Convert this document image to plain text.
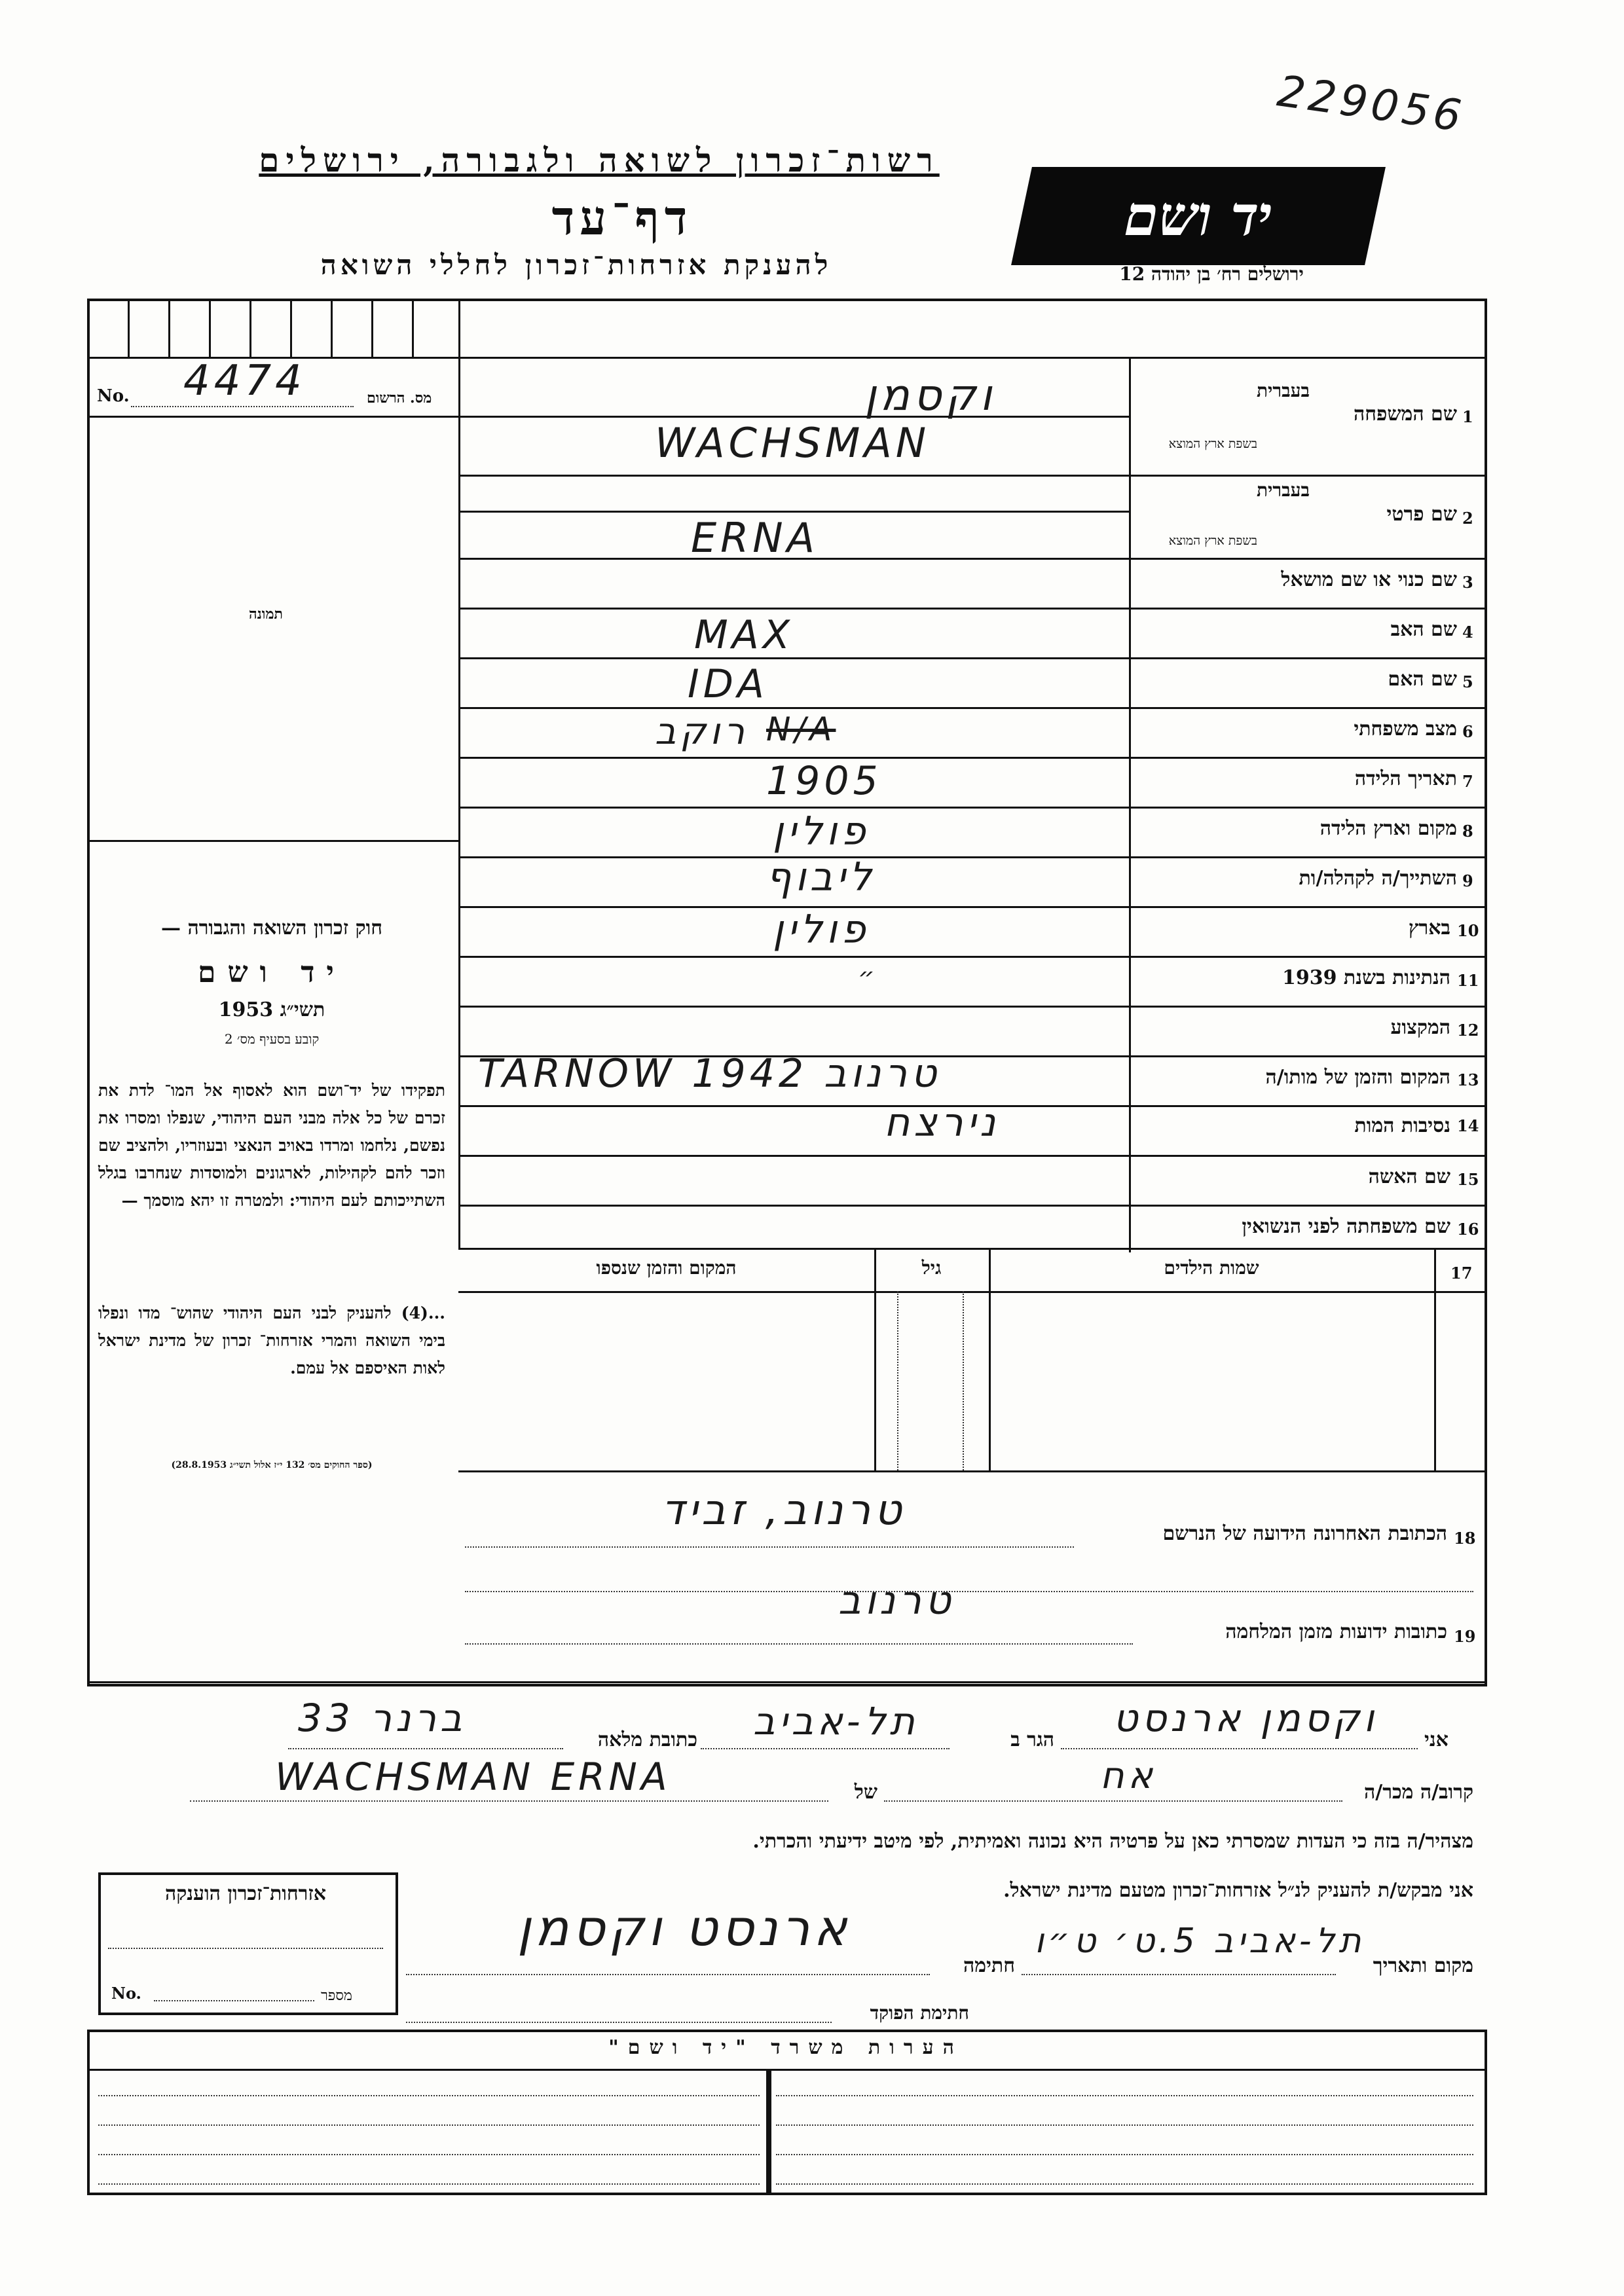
רשות־זכרון לשואה ולגבורה, ירושלים
דף־עד
להענקת אזרחות־זכרון לחללי השואה
יד ושם
ירושלים רח׳ בן יהודה 12
229056
No. 4474	מס. הרשום
תמונה
חוק זכרון השואה והגבורה —
יד ושם
תשי״ג 1953
קובע בסעיף מס׳ 2
תפקידו של יד־ושם הוא לאסוף אל המו־ לדת את זכרם של כל אלה מבני העם היהודי, שנפלו ומסרו את נפשם, נלחמו ומרדו באויב הנאצי ובעוזריו, ולהציב שם וזכר להם לקהילות, לארגונים ולמוסדות שנחרבו בגלל השתייכותם לעם היהודי: ולמטרה זו יהא מוסמך —
...(4) להעניק לבני העם היהודי שהוש־ מדו ונפלו בימי השואה והמרי אזרחות־ זכרון של מדינת ישראל לאות האיספם אל עמם.
(ספר החוקים מס׳ 132 י״ז אלול תשי״ג 28.8.1953)
1
שם המשפחה
בעברית
בשפת ארץ המוצא
2
שם פרטי
בעברית
בשפת ארץ המוצא
3
שם כנוי או שם מושאל
4
שם האב
5
שם האם
6
מצב משפחתי
7
תאריך הלידה
8
מקום וארץ הלידה
9
השתייך/ה לקהלה/ות
10
בארץ
11
הנתינות בשנת 1939
12
המקצוע
13
המקום והזמן של מותו/ה
14
נסיבות המות
15
שם האשה
16
שם משפחתה לפני הנשואין
וקסמן
WACHSMAN
ERNA
MAX
IDA
רוקב N/A
1905
פולין
ליבוף
פולין
״
TARNOW 1942 טרנוב
נירצח
17
שמות הילדים
גיל
המקום והזמן שנספו
18
הכתובת האחרונה הידועה של הנרשם
טרנוב, זביד
19
כתובות ידועות מזמן המלחמה
טרנוב
אני
וקסמן ארנסט
הגר ב
תל-אביב
כתובת מלאה
ברנר 33
קרוב/ה מכר/ה
אח
של
WACHSMAN ERNA
מצהיר/ה בזה כי העדות שמסרתי כאן על פרטיה היא נכונה ואמיתית, לפי מיטב ידיעתי והכרתי.
אני מבקש/ת להעניק לנ״ל אזרחות־זכרון מטעם מדינת ישראל.
מקום ותאריך
תל-אביב 5.ט׳ ט״ו
חתימה
ארנסט וקסמן
חתימת הפוקד
אזרחות־זכרון הוענקה
No.	מספר
הערות משרד "יד ושם"
